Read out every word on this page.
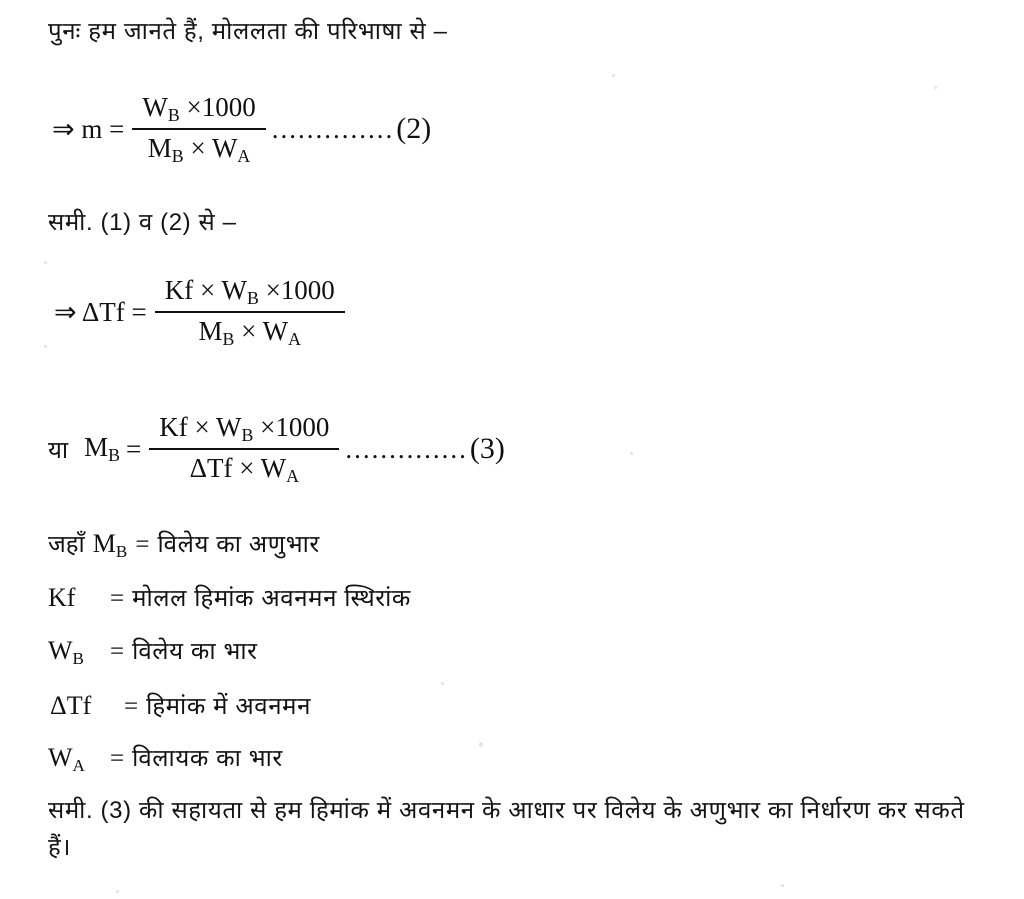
पुनः हम जानते हैं, मोललता की परिभाषा से –
⇒ $m = \frac{W_B \times 1000}{M_B \times W_A}$ .............. (2)
समी. (1) व (2) से –
⇒ $\Delta Tf = \frac{Kf \times W_B \times 1000}{M_B \times W_A}$
या $M_B = \frac{Kf \times W_B \times 1000}{\Delta Tf \times W_A}$ .............. (3)
जहाँ $M_B$ = विलेय का अणुभार
Kf	= मोलल हिमांक अवनमन स्थिरांक
$W_B$	= विलेय का भार
ΔTf	= हिमांक में अवनमन
$W_A$	= विलायक का भार
समी. (3) की सहायता से हम हिमांक में अवनमन के आधार पर विलेय के अणुभार का निर्धारण कर सकते हैं।
